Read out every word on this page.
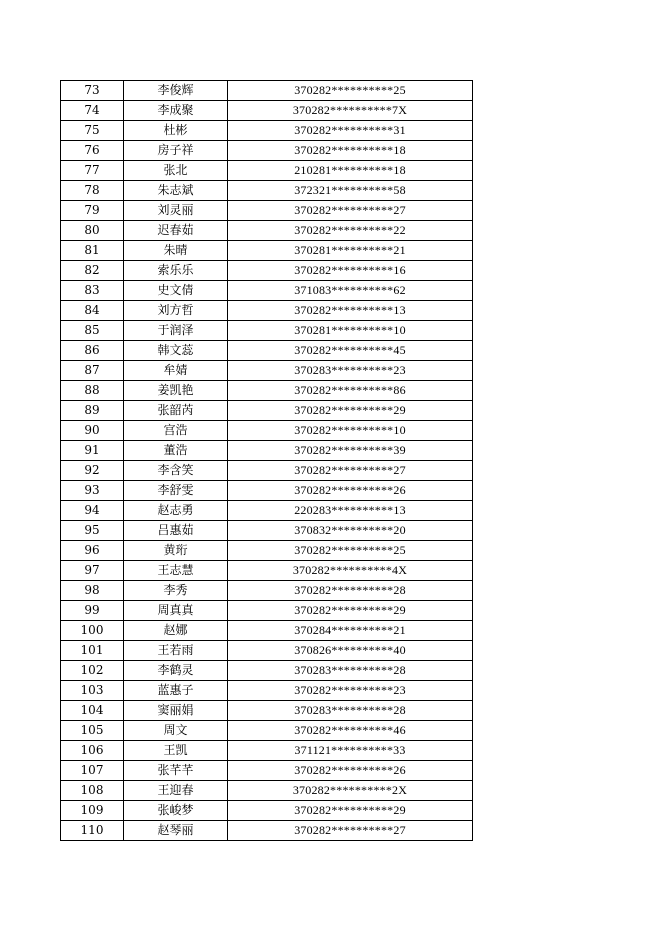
73	李俊辉	370282**********25
74	李成聚	370282**********7X
75	杜彬	370282**********31
76	房子祥	370282**********18
77	张北	210281**********18
78	朱志斌	372321**********58
79	刘灵丽	370282**********27
80	迟春茹	370282**********22
81	朱晴	370281**********21
82	索乐乐	370282**********16
83	史文倩	371083**********62
84	刘方哲	370282**********13
85	于润泽	370281**********10
86	韩文蕊	370282**********45
87	牟婧	370283**********23
88	姜凯艳	370282**********86
89	张韶芮	370282**********29
90	宫浩	370282**********10
91	董浩	370282**********39
92	李含笑	370282**********27
93	李舒雯	370282**********26
94	赵志勇	220283**********13
95	吕惠茹	370832**********20
96	黄珩	370282**********25
97	王志慧	370282**********4X
98	李秀	370282**********28
99	周真真	370282**********29
100	赵娜	370284**********21
101	王若雨	370826**********40
102	李鹤灵	370283**********28
103	蓝惠子	370282**********23
104	窦丽娟	370283**********28
105	周文	370282**********46
106	王凯	371121**********33
107	张芊芊	370282**********26
108	王迎春	370282**********2X
109	张峻梦	370282**********29
110	赵琴丽	370282**********27
